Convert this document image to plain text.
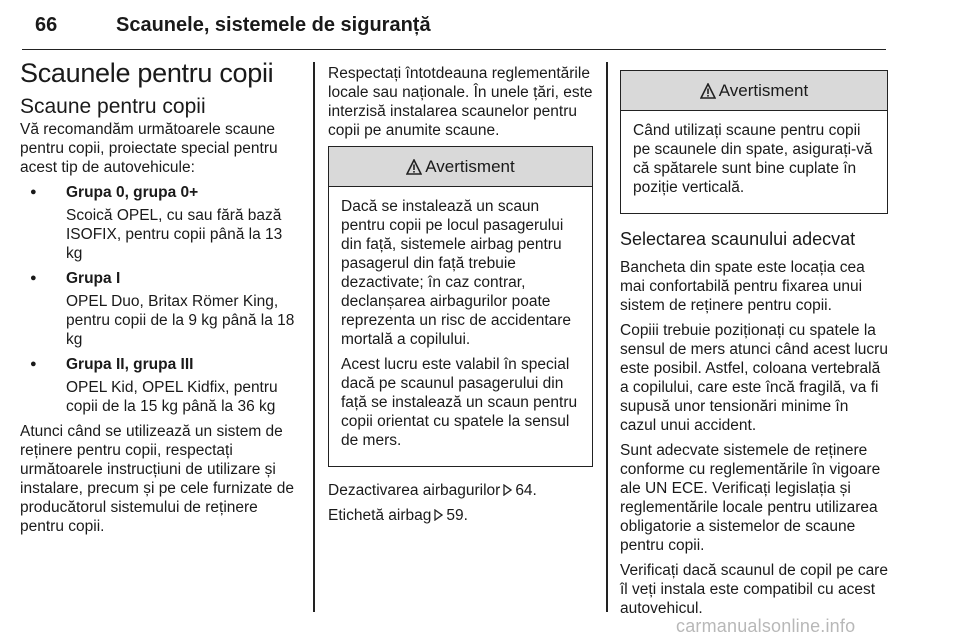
66	Scaunele, sistemele de siguranță
Scaunele pentru copii
Scaune pentru copii

Vă recomandăm următoarele scaune pentru copii, proiectate special pentru acest tip de autovehicule:

● Grupa 0, grupa 0+
Scoică OPEL, cu sau fără bază ISOFIX, pentru copii până la 13 kg
● Grupa I
OPEL Duo, Britax Römer King, pentru copii de la 9 kg până la 18 kg
● Grupa II, grupa III
OPEL Kid, OPEL Kidfix, pentru copii de la 15 kg până la 36 kg

Atunci când se utilizează un sistem de reținere pentru copii, respectați următoarele instrucțiuni de utilizare și instalare, precum și pe cele furnizate de producătorul sistemului de reținere pentru copii.

Respectați întotdeauna reglementările locale sau naționale. În unele țări, este interzisă instalarea scaunelor pentru copii pe anumite scaune.

Avertisment

Dacă se instalează un scaun pentru copii pe locul pasagerului din față, sistemele airbag pentru pasagerul din față trebuie dezactivate; în caz contrar, declanșarea airbagurilor poate reprezenta un risc de accidentare mortală a copilului.

Acest lucru este valabil în special dacă pe scaunul pasagerului din față se instalează un scaun pentru copii orientat cu spatele la sensul de mers.

Dezactivarea airbagurilor 64.

Etichetă airbag 59.

Avertisment

Când utilizați scaune pentru copii pe scaunele din spate, asigurați-vă că spătarele sunt bine cuplate în poziție verticală.

Selectarea scaunului adecvat

Bancheta din spate este locația cea mai confortabilă pentru fixarea unui sistem de reținere pentru copii.

Copiii trebuie poziționați cu spatele la sensul de mers atunci când acest lucru este posibil. Astfel, coloana vertebrală a copilului, care este încă fragilă, va fi supusă unor tensionări minime în cazul unui accident.

Sunt adecvate sistemele de reținere conforme cu reglementările în vigoare ale UN ECE. Verificați legislația și reglementările locale pentru utilizarea obligatorie a sistemelor de scaune pentru copii.

Verificați dacă scaunul de copil pe care îl veți instala este compatibil cu acest autovehicul.

carmanualsonline.info
